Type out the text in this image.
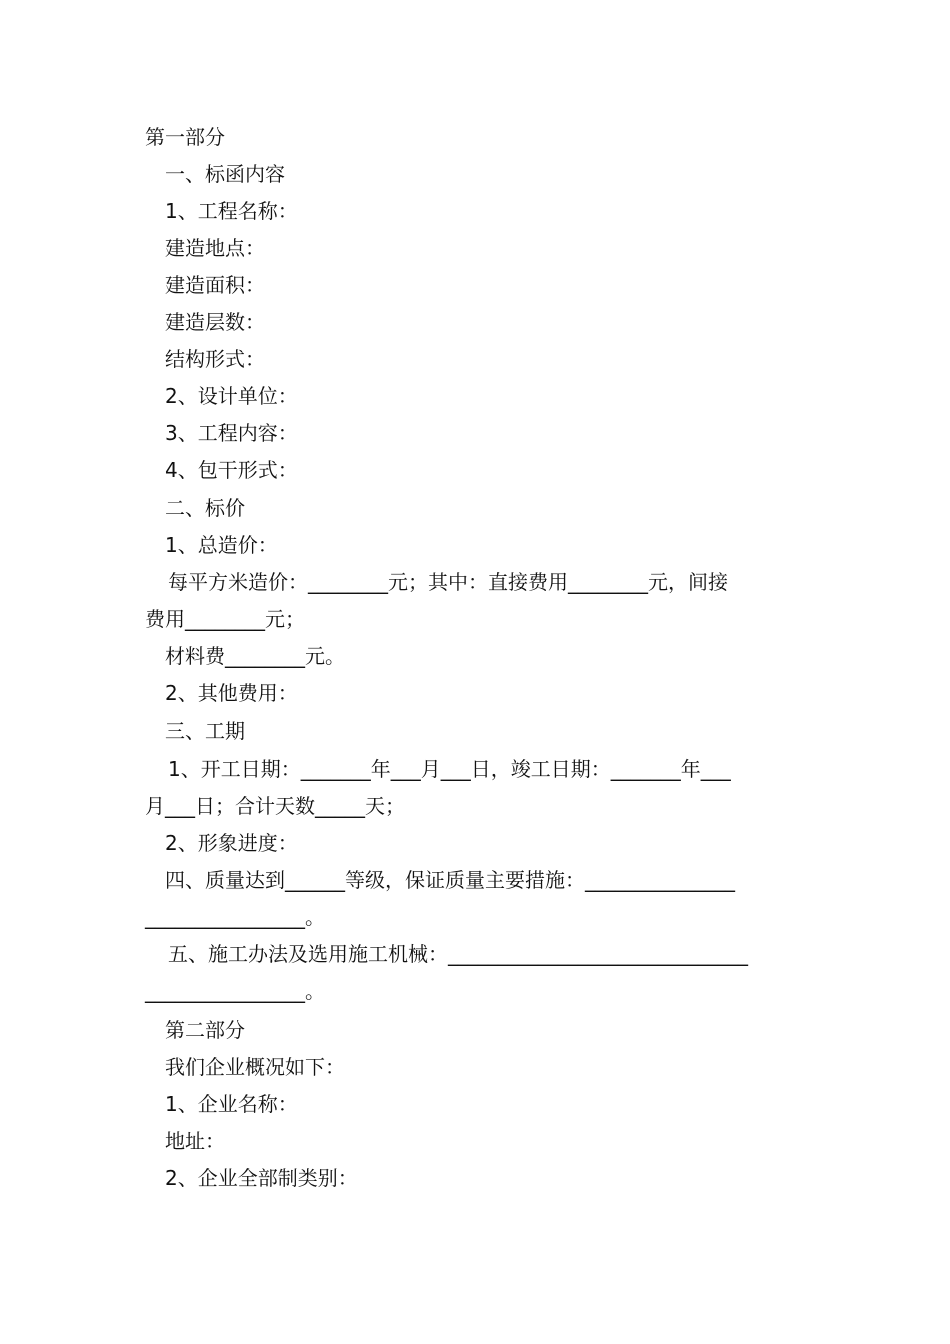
第一部分
一、标函内容
1、工程名称：
建造地点：
建造面积：
建造层数：
结构形式：
2、设计单位：
3、工程内容：
4、包干形式：
二、标价
1、总造价：
每平方米造价：________元；其中：直接费用________元，间接
费用________元；
材料费________元。
2、其他费用：
三、工期
1、开工日期：_______年___月___日，竣工日期：_______年___
月___日；合计天数_____天；
2、形象进度：
四、质量达到______等级，保证质量主要措施：_______________
________________。
五、施工办法及选用施工机械：______________________________
________________。
第二部分
我们企业概况如下：
1、企业名称：
地址：
2、企业全部制类别：
